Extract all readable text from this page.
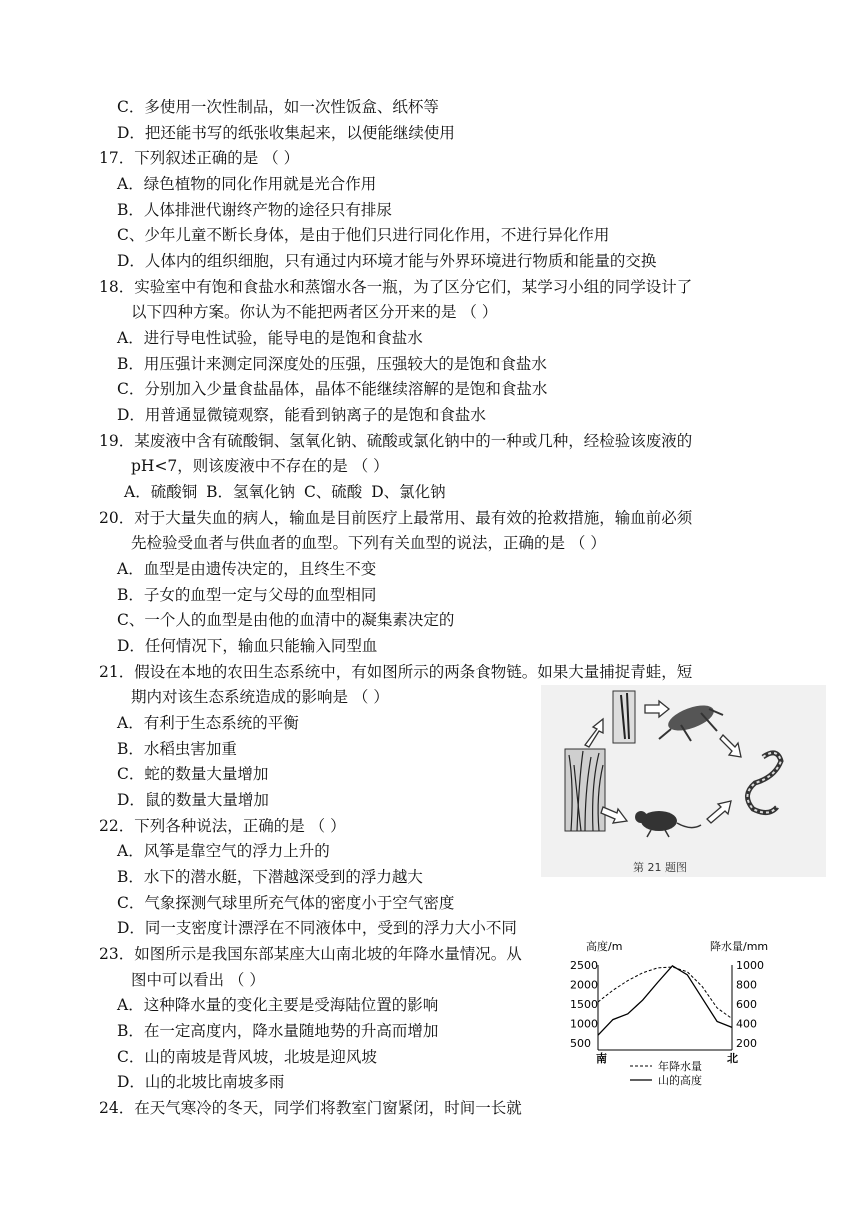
C．多使用一次性制品，如一次性饭盒、纸杯等
D．把还能书写的纸张收集起来，以便能继续使用
17．下列叙述正确的是 （ ）
A．绿色植物的同化作用就是光合作用
B．人体排泄代谢终产物的途径只有排尿
C、少年儿童不断长身体，是由于他们只进行同化作用，不进行异化作用
D．人体内的组织细胞，只有通过内环境才能与外界环境进行物质和能量的交换
18．实验室中有饱和食盐水和蒸馏水各一瓶，为了区分它们，某学习小组的同学设计了
以下四种方案。你认为不能把两者区分开来的是 （ ）
A．进行导电性试验，能导电的是饱和食盐水
B．用压强计来测定同深度处的压强，压强较大的是饱和食盐水
C．分别加入少量食盐晶体，晶体不能继续溶解的是饱和食盐水
D．用普通显微镜观察，能看到钠离子的是饱和食盐水
19．某废液中含有硫酸铜、氢氧化钠、硫酸或氯化钠中的一种或几种，经检验该废液的
pH<7，则该废液中不存在的是 （ ）
A．硫酸铜 B．氢氧化钠 C、硫酸 D、氯化钠
20．对于大量失血的病人，输血是目前医疗上最常用、最有效的抢救措施，输血前必须
先检验受血者与供血者的血型。下列有关血型的说法，正确的是 （ ）
A．血型是由遗传决定的，且终生不变
B．子女的血型一定与父母的血型相同
C、一个人的血型是由他的血清中的凝集素决定的
D．任何情况下，输血只能输入同型血
21．假设在本地的农田生态系统中，有如图所示的两条食物链。如果大量捕捉青蛙，短
期内对该生态系统造成的影响是 （ ）
A．有利于生态系统的平衡
B．水稻虫害加重
C．蛇的数量大量增加
D．鼠的数量大量增加
22．下列各种说法，正确的是 （ ）
A．风筝是靠空气的浮力上升的
B．水下的潜水艇，下潜越深受到的浮力越大
C．气象探测气球里所充气体的密度小于空气密度
D．同一支密度计漂浮在不同液体中，受到的浮力大小不同
23．如图所示是我国东部某座大山南北坡的年降水量情况。从
图中可以看出 （ ）
A．这种降水量的变化主要是受海陆位置的影响
B．在一定高度内，降水量随地势的升高而增加
C．山的南坡是背风坡，北坡是迎风坡
D．山的北坡比南坡多雨
24．在天气寒冷的冬天，同学们将教室门窗紧闭，时间一长就
第 21 题图
高度/m	降水量/mm
2500	1000
2000	800
1500	600
1000	400
500	200
南	北
年降水量
山的高度
